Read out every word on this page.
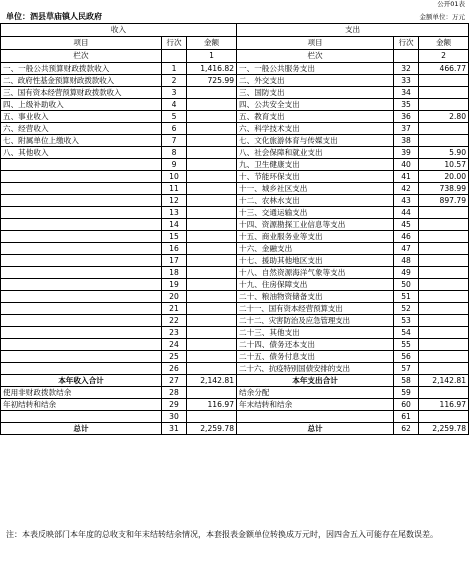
公开01表
单位：泗县草庙镇人民政府	金额单位：万元
收入			支出		
项目	行次	金额	项目	行次	金额
栏次		1	栏次		2
一、一般公共预算财政拨款收入	1	1,416.82	一、一般公共服务支出	32	466.77
二、政府性基金预算财政拨款收入	2	725.99	二、外交支出	33	
三、国有资本经营预算财政拨款收入	3		三、国防支出	34	
四、上级补助收入	4		四、公共安全支出	35	
五、事业收入	5		五、教育支出	36	2.80
六、经营收入	6		六、科学技术支出	37	
七、附属单位上缴收入	7		七、文化旅游体育与传媒支出	38	
八、其他收入	8		八、社会保障和就业支出	39	5.90
	9		九、卫生健康支出	40	10.57
	10		十、节能环保支出	41	20.00
	11		十一、城乡社区支出	42	738.99
	12		十二、农林水支出	43	897.79
	13		十三、交通运输支出	44	
	14		十四、资源勘探工业信息等支出	45	
	15		十五、商业服务业等支出	46	
	16		十六、金融支出	47	
	17		十七、援助其他地区支出	48	
	18		十八、自然资源海洋气象等支出	49	
	19		十九、住房保障支出	50	
	20		二十、粮油物资储备支出	51	
	21		二十一、国有资本经营预算支出	52	
	22		二十二、灾害防治及应急管理支出	53	
	23		二十三、其他支出	54	
	24		二十四、债务还本支出	55	
	25		二十五、债务付息支出	56	
	26		二十六、抗疫特别国债安排的支出	57	
本年收入合计	27	2,142.81	本年支出合计	58	2,142.81
使用非财政拨款结余	28		结余分配	59	
年初结转和结余	29	116.97	年末结转和结余	60	116.97
	30			61	
总计	31	2,259.78	总计	62	2,259.78
注：本表反映部门本年度的总收支和年末结转结余情况，本套报表金额单位转换成万元时，因四舍五入可能存在尾数误差。
